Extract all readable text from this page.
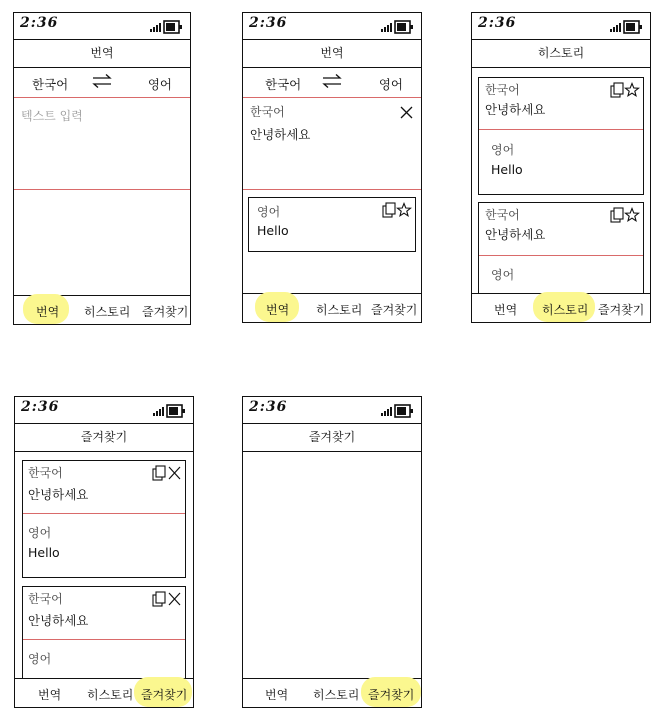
2:36
번역
한국어	영어
텍스트 입력
번역 히스토리 즐겨찾기
2:36
번역
한국어	영어
한국어
안녕하세요
영어
Hello
번역 히스토리 즐겨찾기
2:36
히스토리
한국어
안녕하세요
영어
Hello
한국어
안녕하세요
영어
번역 히스토리 즐겨찾기
2:36
즐겨찾기
한국어
안녕하세요
영어
Hello
한국어
안녕하세요
영어
번역 히스토리 즐겨찾기
2:36
즐겨찾기
번역 히스토리 즐겨찾기
